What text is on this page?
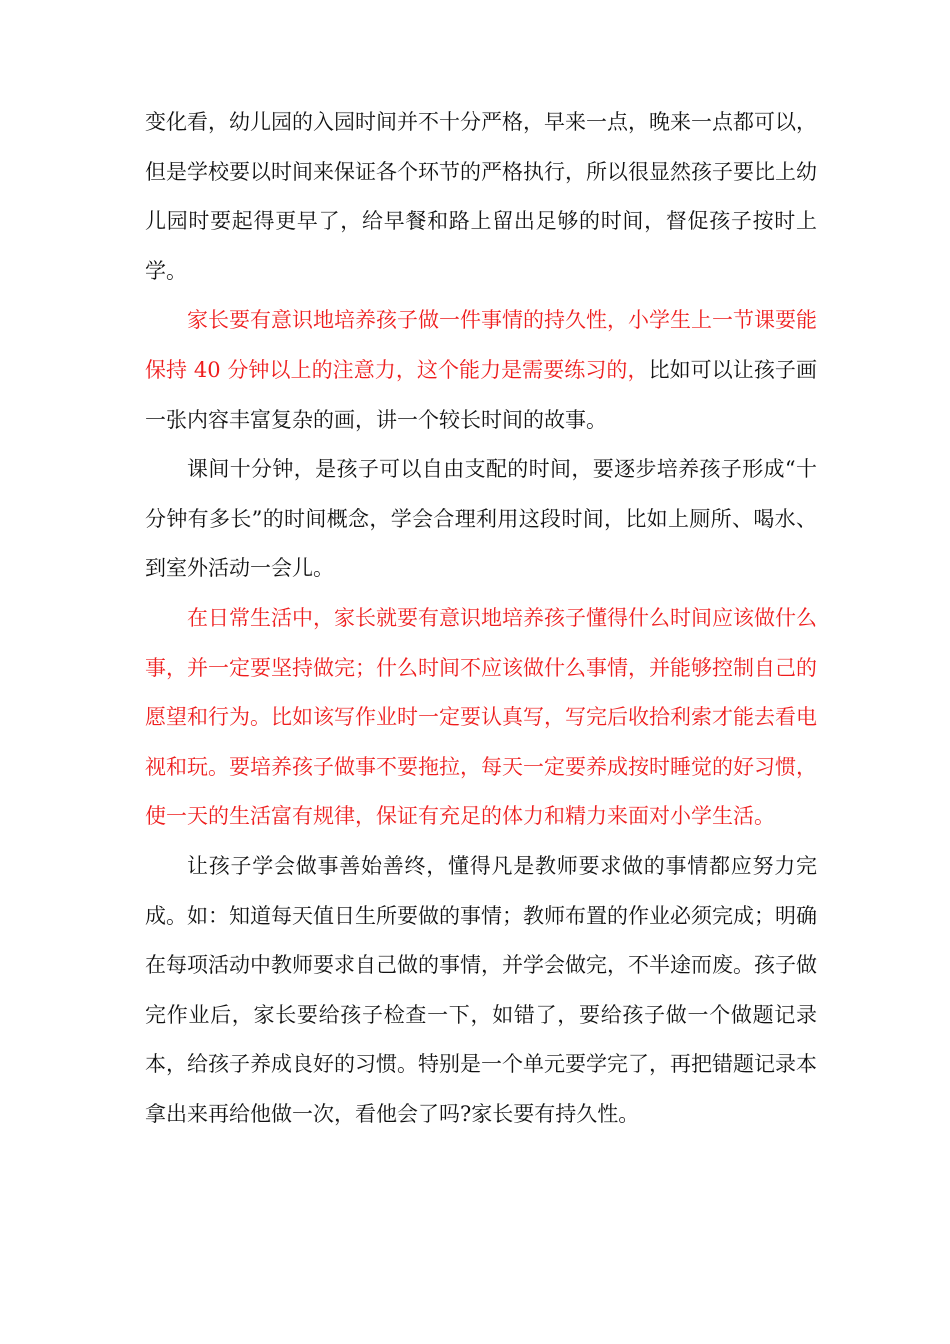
变化看，幼儿园的入园时间并不十分严格，早来一点，晚来一点都可以，但是学校要以时间来保证各个环节的严格执行，所以很显然孩子要比上幼儿园时要起得更早了，给早餐和路上留出足够的时间，督促孩子按时上学。

家长要有意识地培养孩子做一件事情的持久性，小学生上一节课要能保持 40 分钟以上的注意力，这个能力是需要练习的，比如可以让孩子画一张内容丰富复杂的画，讲一个较长时间的故事。

课间十分钟，是孩子可以自由支配的时间，要逐步培养孩子形成“十分钟有多长”的时间概念，学会合理利用这段时间，比如上厕所、喝水、到室外活动一会儿。

在日常生活中，家长就要有意识地培养孩子懂得什么时间应该做什么事，并一定要坚持做完；什么时间不应该做什么事情，并能够控制自己的愿望和行为。比如该写作业时一定要认真写，写完后收拾利索才能去看电视和玩。要培养孩子做事不要拖拉，每天一定要养成按时睡觉的好习惯，使一天的生活富有规律，保证有充足的体力和精力来面对小学生活。

让孩子学会做事善始善终，懂得凡是教师要求做的事情都应努力完成。如：知道每天值日生所要做的事情；教师布置的作业必须完成；明确在每项活动中教师要求自己做的事情，并学会做完，不半途而废。孩子做完作业后，家长要给孩子检查一下，如错了，要给孩子做一个做题记录本，给孩子养成良好的习惯。特别是一个单元要学完了，再把错题记录本拿出来再给他做一次，看他会了吗?家长要有持久性。
